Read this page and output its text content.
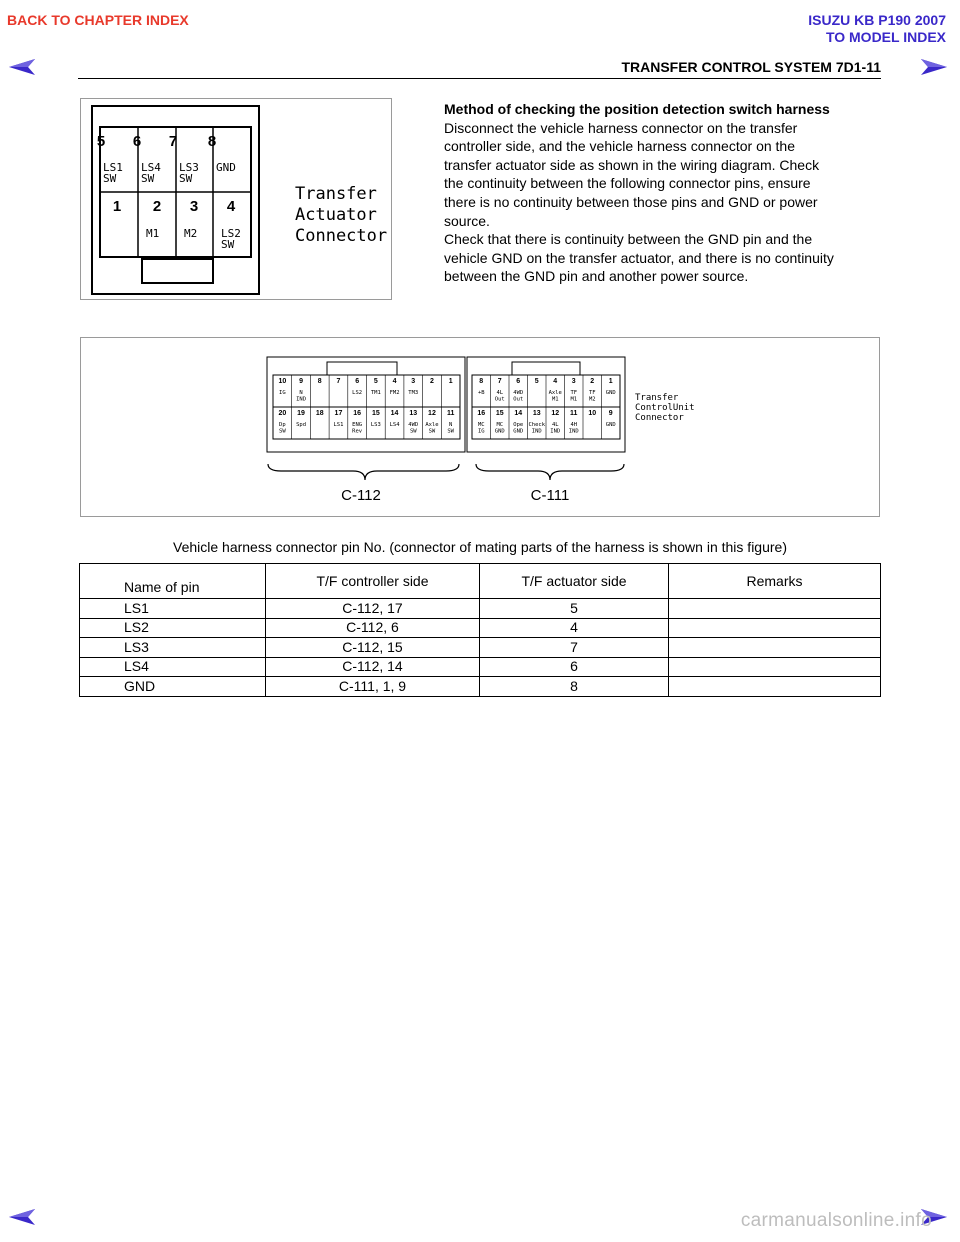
BACK TO CHAPTER INDEX	ISUZU KB P190 2007
TO MODEL INDEX
TRANSFER CONTROL SYSTEM 7D1-11
5
LS1
SW
6
LS4
SW
7
LS3
SW
8
GND
1 2
M1
3
M2
4
LS2
SW
Transfer
Actuator
Connector
Method of checking the position detection switch harness
Disconnect the vehicle harness connector on the transfer
controller side, and the vehicle harness connector on the
transfer actuator side as shown in the wiring diagram. Check
the continuity between the following connector pins, ensure
there is no continuity between those pins and GND or power
source.
Check that there is continuity between the GND pin and the
vehicle GND on the transfer actuator, and there is no continuity
between the GND pin and another power source.
10
IG
9
N
IND
8 7 6
LS2
5
TM1
4
FM2
3
TM3
2 1
20
Dp
SW
19
Spd
18 17
LS1
16
ENG
Rev
15
LS3
14
LS4
13
4WD
SW
12
Axle
SW
11
N
SW
8
+B
7
4L
Out
6
4WD
Out
5 4
Axle
M1
3
TF
M1
2
TF
M2
1
GND
16
MC
IG
15
MC
GND
14
Ope
GND
13
Check
IND
12
4L
IND
11
4H
IND
10 9
GND
C-112	C-111
Transfer
ControlUnit
Connector
Vehicle harness connector pin No. (connector of mating parts of the harness is shown in this figure)
Name of pin	T/F controller side	T/F actuator side	Remarks
LS1	C-112, 17	5	
LS2	C-112, 6	4	
LS3	C-112, 15	7	
LS4	C-112, 14	6	
GND	C-111, 1, 9	8	
carmanualsonline.info
